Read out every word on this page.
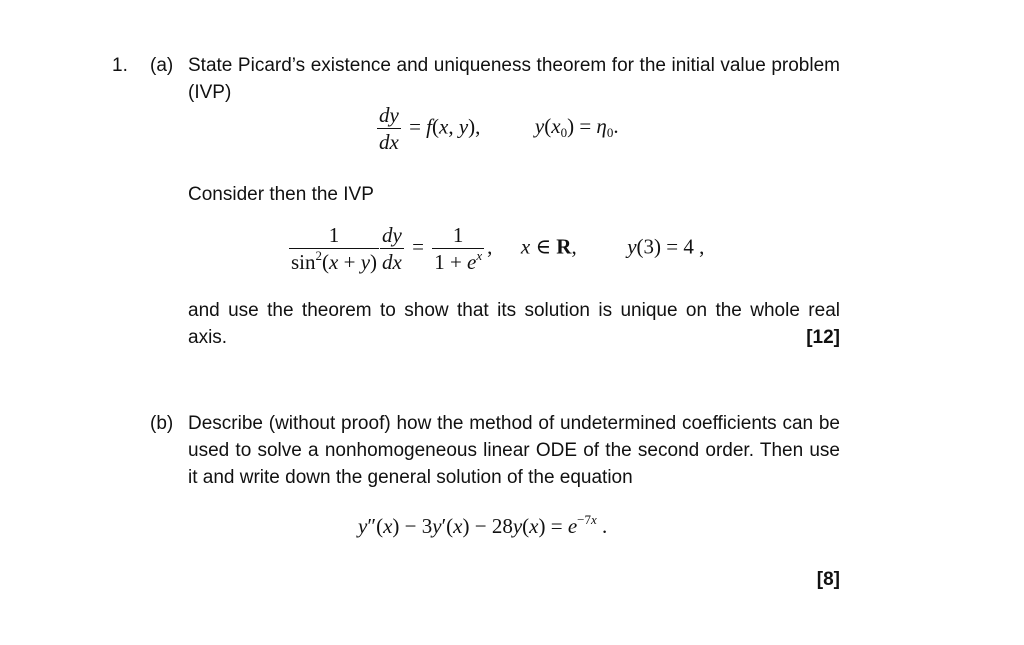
1. (a) State Picard’s existence and uniqueness theorem for the initial value problem (IVP)
$\frac{dy}{dx} = f(x$, y),	$y(x_0) = \eta_0$.
Consider then the IVP
$\frac{1}{\sin^2(x + y)} \frac{dy}{dx} = \frac{1}{1 + e^x}$ , x ∈ R, y(3) = 4 ,
and use the theorem to show that its solution is unique on the whole real axis.	[12]
(b) Describe (without proof) how the method of undetermined coefficients can be used to solve a nonhomogeneous linear ODE of the second order. Then use it and write down the general solution of the equation
$y''(x) - 3y'(x) - 28y(x) = e^{-7x}$ .
[8]
